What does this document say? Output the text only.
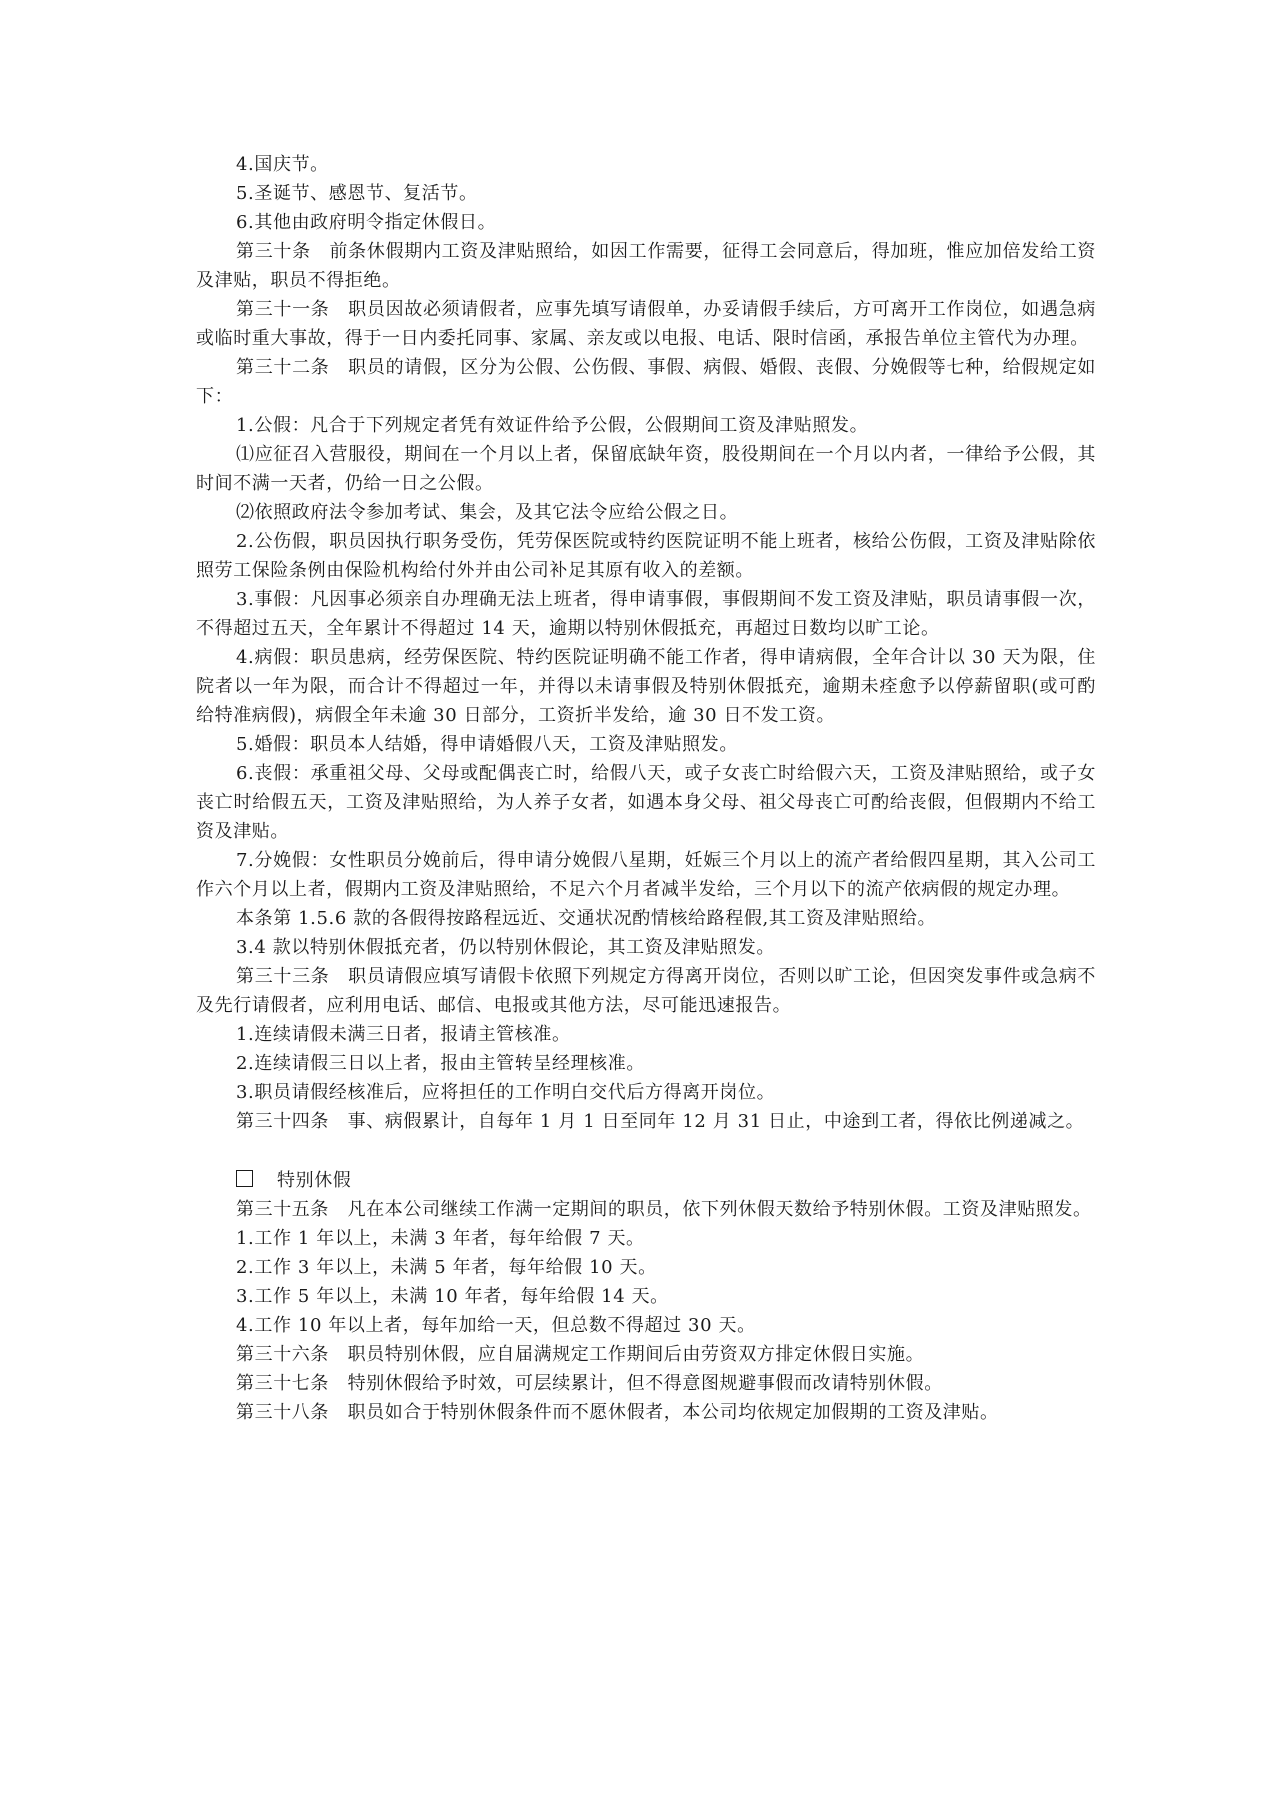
4.国庆节。

5.圣诞节、感恩节、复活节。

6.其他由政府明令指定休假日。

第三十条　前条休假期内工资及津贴照给，如因工作需要，征得工会同意后，得加班，惟应加倍发给工资及津贴，职员不得拒绝。

第三十一条　职员因故必须请假者，应事先填写请假单，办妥请假手续后，方可离开工作岗位，如遇急病或临时重大事故，得于一日内委托同事、家属、亲友或以电报、电话、限时信函，承报告单位主管代为办理。

第三十二条　职员的请假，区分为公假、公伤假、事假、病假、婚假、丧假、分娩假等七种，给假规定如下：

1.公假：凡合于下列规定者凭有效证件给予公假，公假期间工资及津贴照发。

⑴应征召入营服役，期间在一个月以上者，保留底缺年资，股役期间在一个月以内者，一律给予公假，其时间不满一天者，仍给一日之公假。

⑵依照政府法令参加考试、集会，及其它法令应给公假之日。

2.公伤假，职员因执行职务受伤，凭劳保医院或特约医院证明不能上班者，核给公伤假，工资及津贴除依照劳工保险条例由保险机构给付外并由公司补足其原有收入的差额。

3.事假：凡因事必须亲自办理确无法上班者，得申请事假，事假期间不发工资及津贴，职员请事假一次，不得超过五天，全年累计不得超过 14 天，逾期以特别休假抵充，再超过日数均以旷工论。

4.病假：职员患病，经劳保医院、特约医院证明确不能工作者，得申请病假，全年合计以 30 天为限，住院者以一年为限，而合计不得超过一年，并得以未请事假及特别休假抵充，逾期未痊愈予以停薪留职(或可酌给特准病假)，病假全年未逾 30 日部分，工资折半发给，逾 30 日不发工资。

5.婚假：职员本人结婚，得申请婚假八天，工资及津贴照发。

6.丧假：承重祖父母、父母或配偶丧亡时，给假八天，或子女丧亡时给假六天，工资及津贴照给，或子女丧亡时给假五天，工资及津贴照给，为人养子女者，如遇本身父母、祖父母丧亡可酌给丧假，但假期内不给工资及津贴。

7.分娩假：女性职员分娩前后，得申请分娩假八星期，妊娠三个月以上的流产者给假四星期，其入公司工作六个月以上者，假期内工资及津贴照给，不足六个月者减半发给，三个月以下的流产依病假的规定办理。

本条第 1.5.6 款的各假得按路程远近、交通状况酌情核给路程假,其工资及津贴照给。

3.4 款以特别休假抵充者，仍以特别休假论，其工资及津贴照发。

第三十三条　职员请假应填写请假卡依照下列规定方得离开岗位，否则以旷工论，但因突发事件或急病不及先行请假者，应利用电话、邮信、电报或其他方法，尽可能迅速报告。

1.连续请假未满三日者，报请主管核准。

2.连续请假三日以上者，报由主管转呈经理核准。

3.职员请假经核准后，应将担任的工作明白交代后方得离开岗位。

第三十四条　事、病假累计，自每年 1 月 1 日至同年 12 月 31 日止，中途到工者，得依比例递减之。

特别休假

第三十五条　凡在本公司继续工作满一定期间的职员，依下列休假天数给予特别休假。工资及津贴照发。

1.工作 1 年以上，未满 3 年者，每年给假 7 天。

2.工作 3 年以上，未满 5 年者，每年给假 10 天。

3.工作 5 年以上，未满 10 年者，每年给假 14 天。

4.工作 10 年以上者，每年加给一天，但总数不得超过 30 天。

第三十六条　职员特别休假，应自届满规定工作期间后由劳资双方排定休假日实施。

第三十七条　特别休假给予时效，可层续累计，但不得意图规避事假而改请特别休假。

第三十八条　职员如合于特别休假条件而不愿休假者，本公司均依规定加假期的工资及津贴。
